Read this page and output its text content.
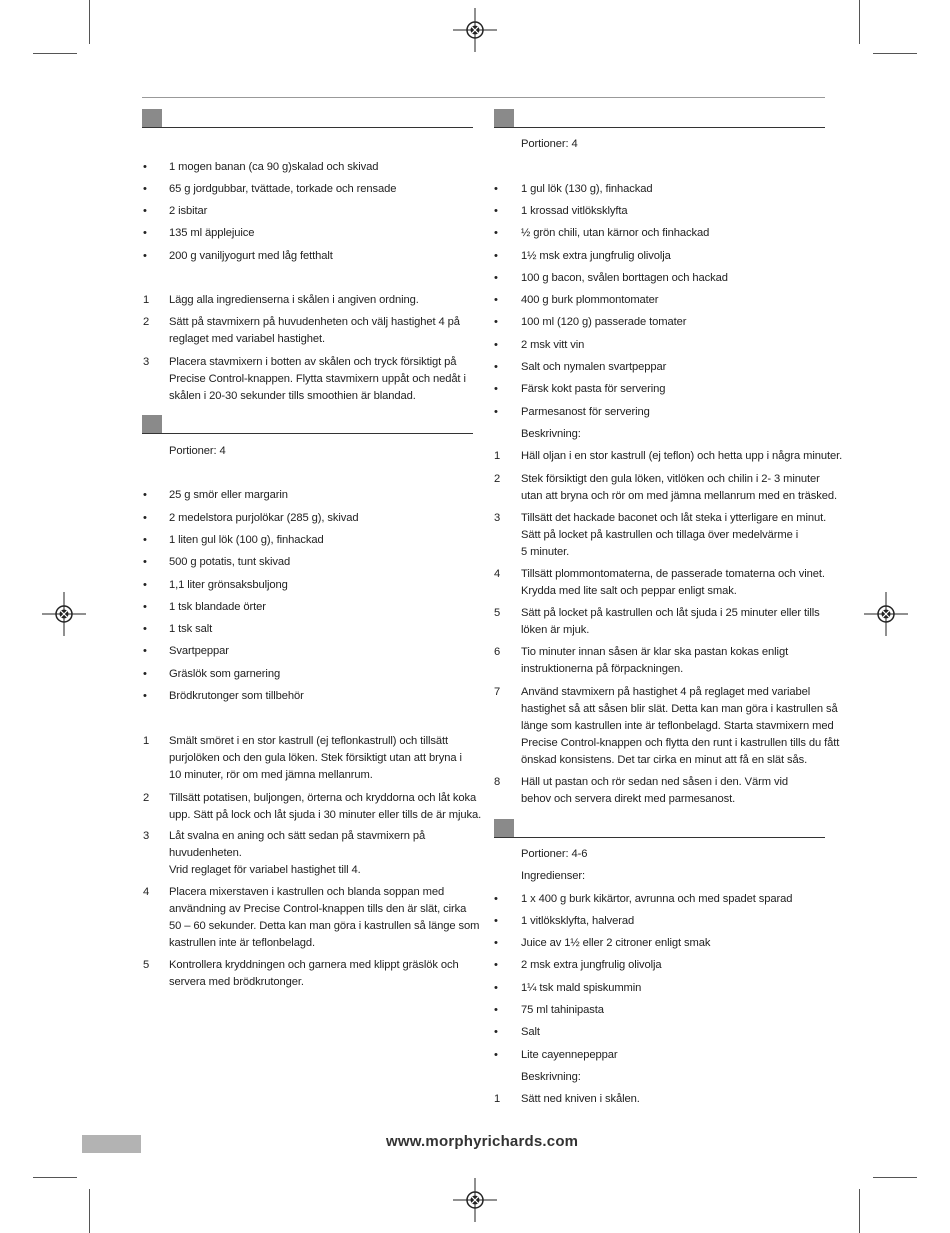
• 1 mogen banan (ca 90 g)skalad och skivad
• 65 g jordgubbar, tvättade, torkade och rensade
• 2 isbitar
• 135 ml äpplejuice
• 200 g vaniljyogurt med låg fetthalt
1 Lägg alla ingredienserna i skålen i angiven ordning.
2 Sätt på stavmixern på huvudenheten och välj hastighet 4 på
reglaget med variabel hastighet.
3 Placera stavmixern i botten av skålen och tryck försiktigt på
Precise Control-knappen. Flytta stavmixern uppåt och nedåt i
skålen i 20-30 sekunder tills smoothien är blandad.
Portioner: 4
• 25 g smör eller margarin
• 2 medelstora purjolökar (285 g), skivad
• 1 liten gul lök (100 g), finhackad
• 500 g potatis, tunt skivad
• 1,1 liter grönsaksbuljong
• 1 tsk blandade örter
• 1 tsk salt
• Svartpeppar
• Gräslök som garnering
• Brödkrutonger som tillbehör
1 Smält smöret i en stor kastrull (ej teflonkastrull) och tillsätt
purjolöken och den gula löken. Stek försiktigt utan att bryna i
10 minuter, rör om med jämna mellanrum.
2 Tillsätt potatisen, buljongen, örterna och kryddorna och låt koka
upp. Sätt på lock och låt sjuda i 30 minuter eller tills de är mjuka.
3 Låt svalna en aning och sätt sedan på stavmixern på
huvudenheten.
Vrid reglaget för variabel hastighet till 4.
4 Placera mixerstaven i kastrullen och blanda soppan med
användning av Precise Control-knappen tills den är slät, cirka
50 – 60 sekunder. Detta kan man göra i kastrullen så länge som
kastrullen inte är teflonbelagd.
5 Kontrollera kryddningen och garnera med klippt gräslök och
servera med brödkrutonger.
Portioner: 4
• 1 gul lök (130 g), finhackad
• 1 krossad vitlöksklyfta
• ½ grön chili, utan kärnor och finhackad
• 1½ msk extra jungfrulig olivolja
• 100 g bacon, svålen borttagen och hackad
• 400 g burk plommontomater
• 100 ml (120 g) passerade tomater
• 2 msk vitt vin
• Salt och nymalen svartpeppar
• Färsk kokt pasta för servering
• Parmesanost för servering
Beskrivning:
1 Häll oljan i en stor kastrull (ej teflon) och hetta upp i några minuter.
2 Stek försiktigt den gula löken, vitlöken och chilin i 2- 3 minuter
utan att bryna och rör om med jämna mellanrum med en träsked.
3 Tillsätt det hackade baconet och låt steka i ytterligare en minut.
Sätt på locket på kastrullen och tillaga över medelvärme i
5 minuter.
4 Tillsätt plommontomaterna, de passerade tomaterna och vinet.
Krydda med lite salt och peppar enligt smak.
5 Sätt på locket på kastrullen och låt sjuda i 25 minuter eller tills
löken är mjuk.
6 Tio minuter innan såsen är klar ska pastan kokas enligt
instruktionerna på förpackningen.
7 Använd stavmixern på hastighet 4 på reglaget med variabel
hastighet så att såsen blir slät. Detta kan man göra i kastrullen så
länge som kastrullen inte är teflonbelagd. Starta stavmixern med
Precise Control-knappen och flytta den runt i kastrullen tills du fått
önskad konsistens. Det tar cirka en minut att få en slät sås.
8 Häll ut pastan och rör sedan ned såsen i den. Värm vid
behov och servera direkt med parmesanost.
Portioner: 4-6
Ingredienser:
• 1 x 400 g burk kikärtor, avrunna och med spadet sparad
• 1 vitlöksklyfta, halverad
• Juice av 1½ eller 2 citroner enligt smak
• 2 msk extra jungfrulig olivolja
• 1¼ tsk mald spiskummin
• 75 ml tahinipasta
• Salt
• Lite cayennepeppar
Beskrivning:
1 Sätt ned kniven i skålen.
www.morphyrichards.com
